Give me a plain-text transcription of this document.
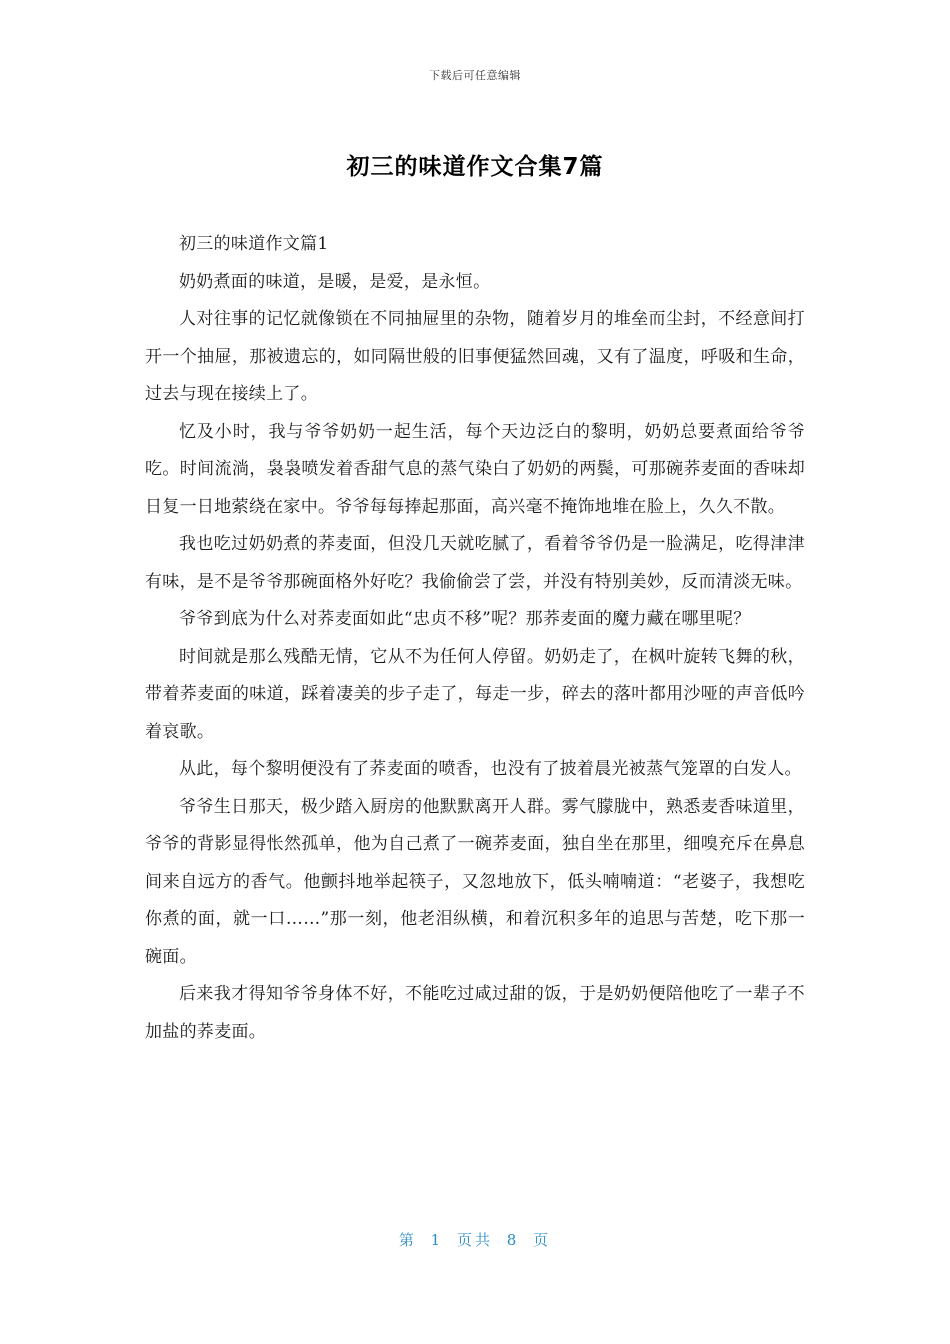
下载后可任意编辑
初三的味道作文合集7篇

初三的味道作文篇1

奶奶煮面的味道，是暖，是爱，是永恒。

人对往事的记忆就像锁在不同抽屉里的杂物，随着岁月的堆垒而尘封，不经意间打开一个抽屉，那被遗忘的，如同隔世般的旧事便猛然回魂，又有了温度，呼吸和生命，过去与现在接续上了。

忆及小时，我与爷爷奶奶一起生活，每个天边泛白的黎明，奶奶总要煮面给爷爷吃。时间流淌，袅袅喷发着香甜气息的蒸气染白了奶奶的两鬓，可那碗荞麦面的香味却日复一日地萦绕在家中。爷爷每每捧起那面，高兴毫不掩饰地堆在脸上，久久不散。

我也吃过奶奶煮的荞麦面，但没几天就吃腻了，看着爷爷仍是一脸满足，吃得津津有味，是不是爷爷那碗面格外好吃？我偷偷尝了尝，并没有特别美妙，反而清淡无味。

爷爷到底为什么对荞麦面如此“忠贞不移”呢？那荞麦面的魔力藏在哪里呢？

时间就是那么残酷无情，它从不为任何人停留。奶奶走了，在枫叶旋转飞舞的秋，带着荞麦面的味道，踩着凄美的步子走了，每走一步，碎去的落叶都用沙哑的声音低吟着哀歌。

从此，每个黎明便没有了荞麦面的喷香，也没有了披着晨光被蒸气笼罩的白发人。

爷爷生日那天，极少踏入厨房的他默默离开人群。雾气朦胧中，熟悉麦香味道里，爷爷的背影显得怅然孤单，他为自己煮了一碗荞麦面，独自坐在那里，细嗅充斥在鼻息间来自远方的香气。他颤抖地举起筷子，又忽地放下，低头喃喃道：“老婆子，我想吃你煮的面，就一口……”那一刻，他老泪纵横，和着沉积多年的追思与苦楚，吃下那一碗面。

后来我才得知爷爷身体不好，不能吃过咸过甜的饭，于是奶奶便陪他吃了一辈子不加盐的荞麦面。

第 1 页共 8 页
